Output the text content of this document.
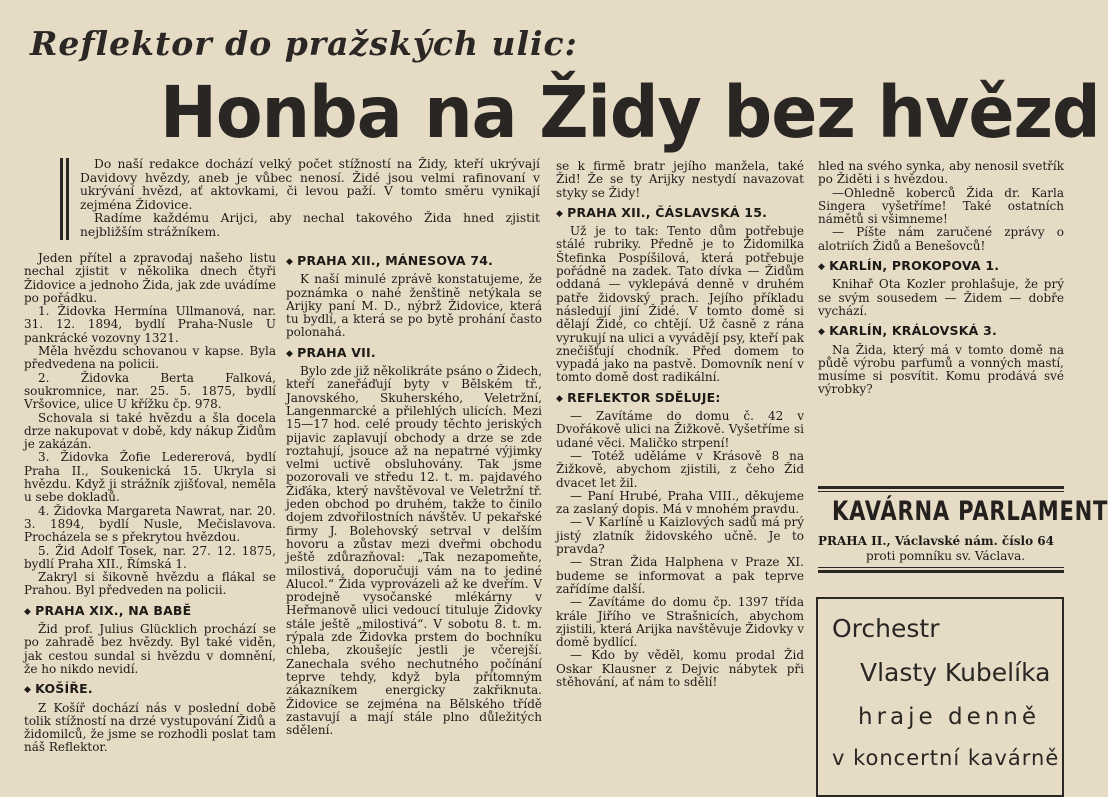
Reflektor do pražských ulic:
Honba na Židy bez hvězd

Do naší redakce dochází velký počet stížností na Židy, kteří ukrývají Davidovy hvězdy, aneb je vůbec nenosí. Židé jsou velmi rafinovaní v ukrývání hvězd, ať aktovkami, či levou paží. V tomto směru vynikají zejména Židovice.

Radíme každému Arijci, aby nechal takového Žida hned zjistit nejbližším strážníkem.

Jeden přítel a zpravodaj našeho listu nechal zjistit v několika dnech čtyři Židovice a jednoho Žida, jak zde uvádíme po pořádku.

1. Židovka Hermína Ullmanová, nar. 31. 12. 1894, bydlí Praha-Nusle U pankrácké vozovny 1321.

Měla hvězdu schovanou v kapse. Byla předvedena na policii.

2. Židovka Berta Falková, soukromnice, nar. 25. 5. 1875, bydlí Vršovice, ulice U křížku čp. 978.

Schovala si také hvězdu a šla docela drze nakupovat v době, kdy nákup Židům je zakázán.

3. Židovka Žofie Ledererová, bydlí Praha II., Soukenická 15. Ukryla si hvězdu. Když ji strážník zjišťoval, neměla u sebe dokladů.

4. Židovka Margareta Nawrat, nar. 20. 3. 1894, bydlí Nusle, Mečislavova. Procházela se s překrytou hvězdou.

5. Žid Adolf Tosek, nar. 27. 12. 1875, bydlí Praha XII., Římská 1.

Zakryl si šikovně hvězdu a flákal se Prahou. Byl předveden na policii.

◆ PRAHA XIX., NA BABĚ

Žid prof. Julius Glücklich prochází se po zahradě bez hvězdy. Byl také viděn, jak cestou sundal si hvězdu v domnění, že ho nikdo nevidí.

◆ KOŠÍŘE.

Z Košíř dochází nás v poslední době tolik stížností na drzé vystupování Židů a židomilců, že jsme se rozhodli poslat tam náš Reflektor.

◆ PRAHA XII., MÁNESOVA 74.

K naší minulé zprávě konstatujeme, že poznámka o nahé ženštině netýkala se Arijky paní M. D., nýbrž Židovice, která tu bydlí, a která se po bytě prohání často polonahá.

◆ PRAHA VII.

Bylo zde již několikráte psáno o Židech, kteří zaneřáďují byty v Bělském tř., Janovského, Skuherského, Veletržní, Langenmarcké a přilehlých ulicích. Mezi 15—17 hod. celé proudy těchto jeriských pijavic zaplavují obchody a drze se zde roztahují, jsouce až na nepatrné výjimky velmi uctivě obsluhovány. Tak jsme pozorovali ve středu 12. t. m. pajdavého Žiďáka, který navštěvoval ve Veletržní tř. jeden obchod po druhém, takže to činilo dojem zdvořilostních návštěv. U pekařské firmy J. Bolehovský setrval v delším hovoru a zůstav mezi dveřmi obchodu ještě zdůrazňoval: „Tak nezapomeňte, milostivá, doporučuji vám na to jediné Alucol.“ Žida vyprovázeli až ke dveřím. V prodejně vysočanské mlékárny v Heřmanově ulici vedoucí tituluje Židovky stále ještě „milostivá“. V sobotu 8. t. m. rýpala zde Židovka prstem do bochníku chleba, zkoušejíc jestli je včerejší. Zanechala svého nechutného počínání teprve tehdy, když byla přítomným zákazníkem energicky zakřiknuta. Židovice se zejména na Bělského třídě zastavují a mají stále plno důležitých sdělení.

se k firmě bratr jejího manžela, také Žid! Že se ty Arijky nestydí navazovat styky se Židy!

◆ PRAHA XII., ČÁSLAVSKÁ 15.

Už je to tak: Tento dům potřebuje stálé rubriky. Předně je to Židomilka Štefinka Pospíšilová, která potřebuje pořádně na zadek. Tato dívka — Židům oddaná — vyklepává denně v druhém patře židovský prach. Jejího příkladu následují jiní Židé. V tomto domě si dělají Židé, co chtějí. Už časně z rána vyrukují na ulici a vyvádějí psy, kteří pak znečišťují chodník. Před domem to vypadá jako na pastvě. Domovník není v tomto domě dost radikální.

◆ REFLEKTOR SDĚLUJE:

— Zavítáme do domu č. 42 v Dvořákově ulici na Žižkově. Vyšetříme si udané věci. Maličko strpení!

— Totéž uděláme v Krásově 8 na Žižkově, abychom zjistili, z čeho Žid dvacet let žil.

— Paní Hrubé, Praha VIII., děkujeme za zaslaný dopis. Má v mnohém pravdu.

— V Karlíně u Kaizlových sadů má prý jistý zlatník židovského učně. Je to pravda?

— Stran Žida Halphena v Praze XI. budeme se informovat a pak teprve zařídíme další.

— Zavítáme do domu čp. 1397 třída krále Jiřího ve Strašnicích, abychom zjistili, která Arijka navštěvuje Židovky v domě bydlící.

— Kdo by věděl, komu prodal Žid Oskar Klausner z Dejvic nábytek při stěhování, ať nám to sdělí!

hled na svého synka, aby nenosil svetřík po Židěti i s hvězdou.

—Ohledně koberců Žida dr. Karla Singera vyšetříme! Také ostatních námětů si všimneme!

— Píšte nám zaručené zprávy o alotriích Židů a Benešovců!

◆ KARLÍN, PROKOPOVA 1.

Knihař Ota Kozler prohlašuje, že prý se svým sousedem — Židem — dobře vychází.

◆ KARLÍN, KRÁLOVSKÁ 3.

Na Žida, který má v tomto domě na půdě výrobu parfumů a vonných mastí, musíme si posvítit. Komu prodává své výrobky?

KAVÁRNA PARLAMENT
PRAHA II., Václavské nám. číslo 64
proti pomníku sv. Václava.
Orchestr
Vlasty Kubelíka
hraje denně
v koncertní kavárně
